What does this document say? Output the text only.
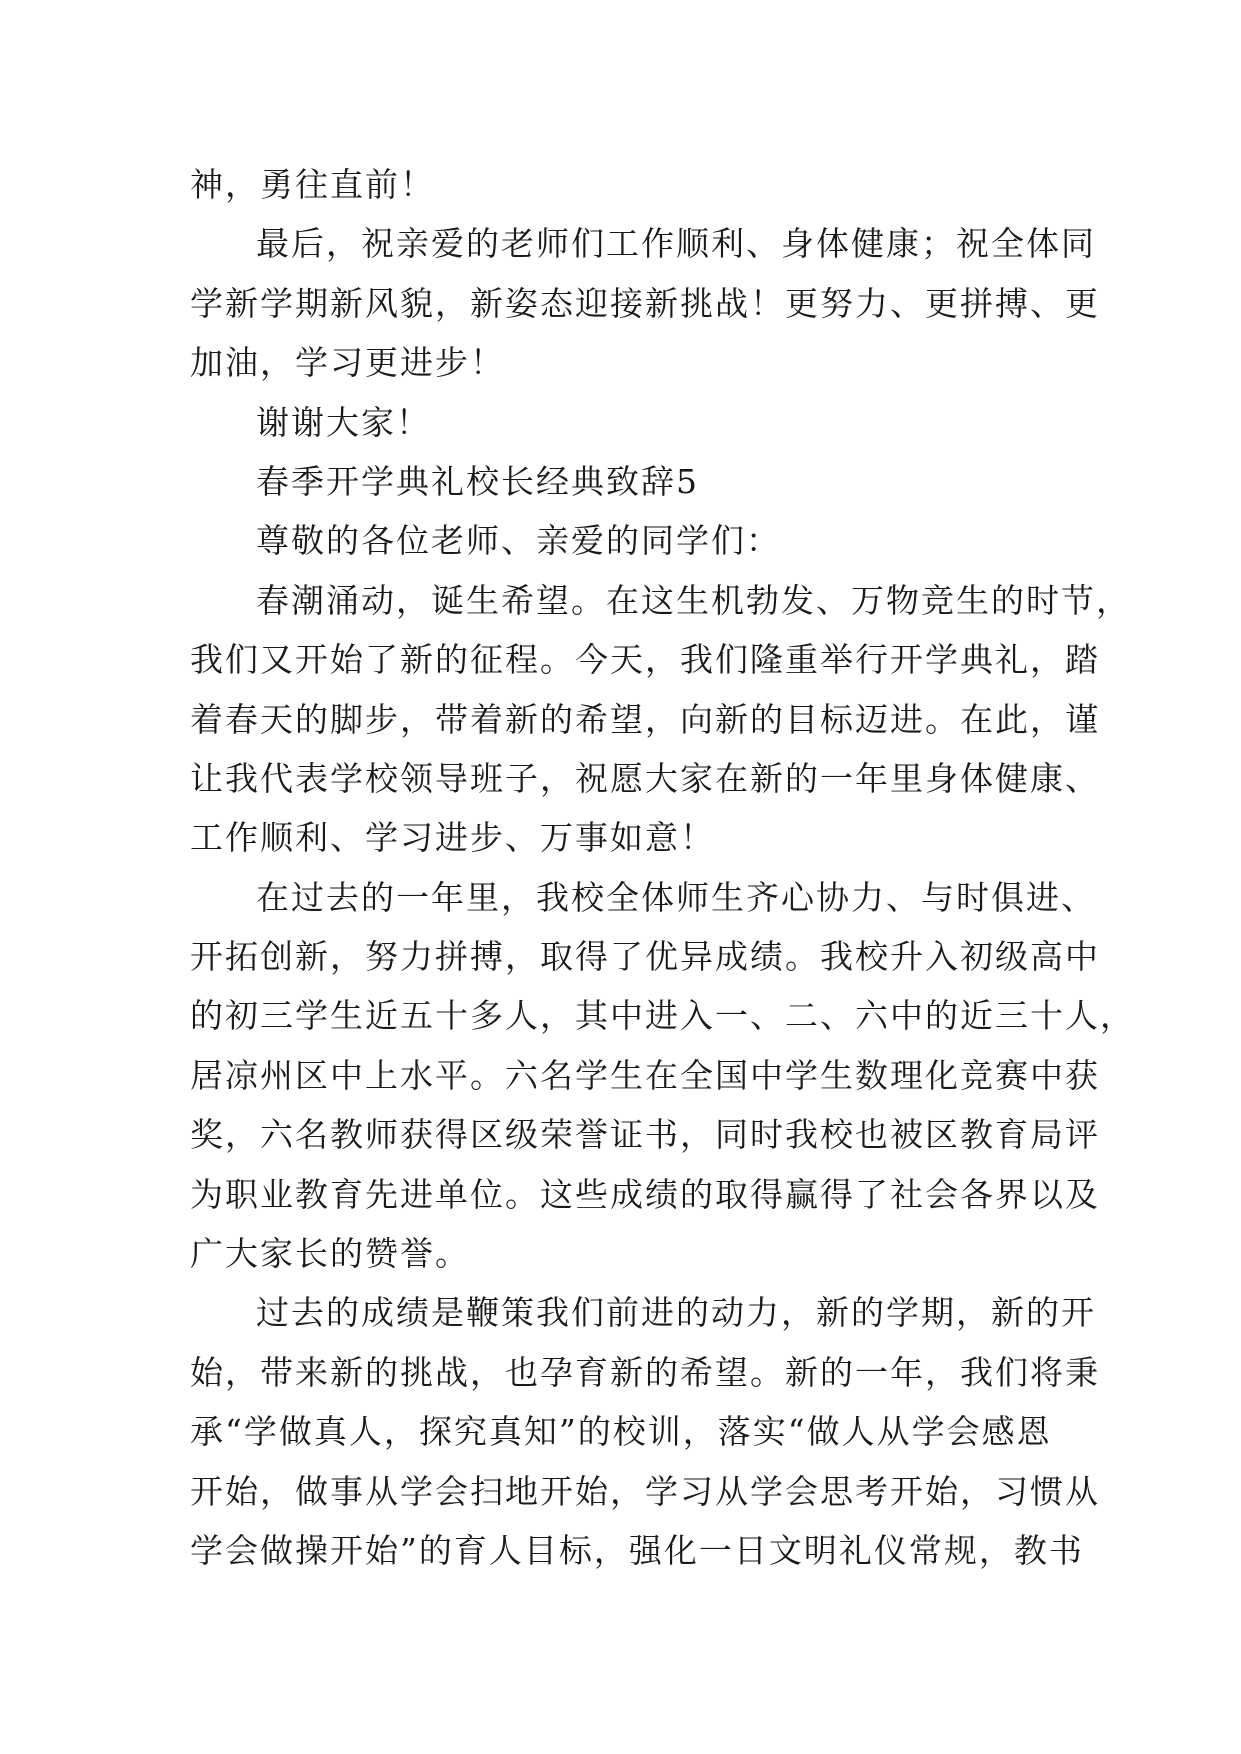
神，勇往直前！
最后，祝亲爱的老师们工作顺利、身体健康；祝全体同
学新学期新风貌，新姿态迎接新挑战！更努力、更拼搏、更
加油，学习更进步！
谢谢大家！
春季开学典礼校长经典致辞5
尊敬的各位老师、亲爱的同学们：
春潮涌动，诞生希望。在这生机勃发、万物竞生的时节，
我们又开始了新的征程。今天，我们隆重举行开学典礼，踏
着春天的脚步，带着新的希望，向新的目标迈进。在此，谨
让我代表学校领导班子，祝愿大家在新的一年里身体健康、
工作顺利、学习进步、万事如意！
在过去的一年里，我校全体师生齐心协力、与时俱进、
开拓创新，努力拼搏，取得了优异成绩。我校升入初级高中
的初三学生近五十多人，其中进入一、二、六中的近三十人，
居凉州区中上水平。六名学生在全国中学生数理化竞赛中获
奖，六名教师获得区级荣誉证书，同时我校也被区教育局评
为职业教育先进单位。这些成绩的取得赢得了社会各界以及
广大家长的赞誉。
过去的成绩是鞭策我们前进的动力，新的学期，新的开
始，带来新的挑战，也孕育新的希望。新的一年，我们将秉
承“学做真人，探究真知”的校训，落实“做人从学会感恩
开始，做事从学会扫地开始，学习从学会思考开始，习惯从
学会做操开始”的育人目标，强化一日文明礼仪常规，教书
